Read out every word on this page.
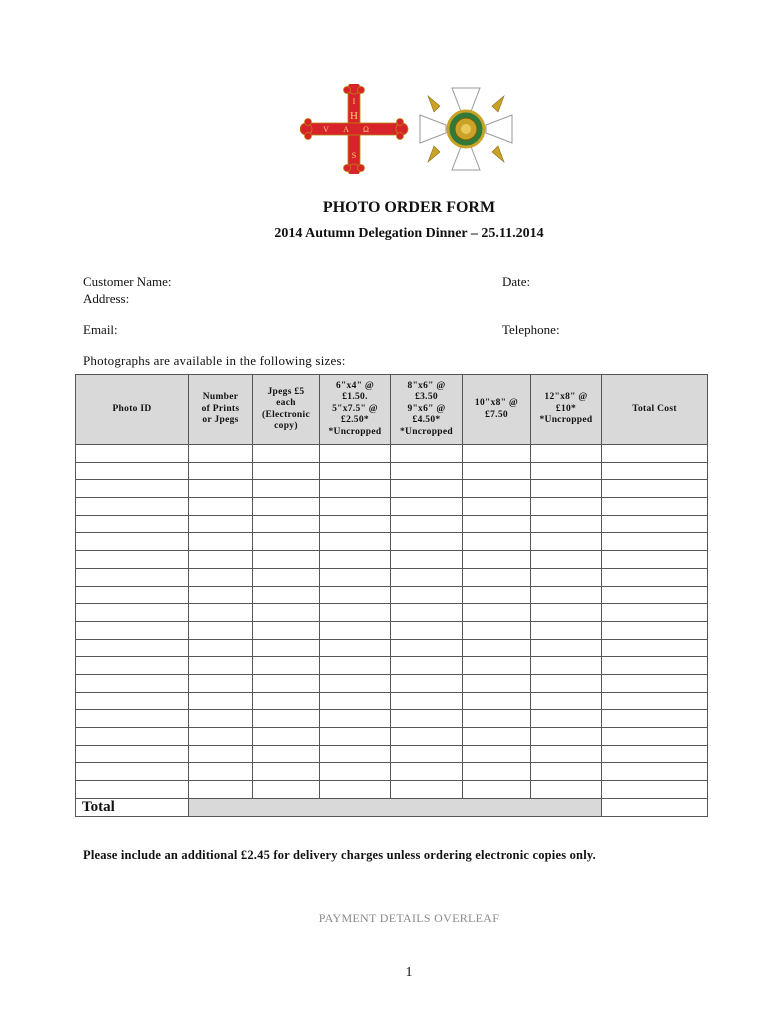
I
H
V A Ω
S
PHOTO ORDER FORM
2014 Autumn Delegation Dinner – 25.11.2014
Customer Name:
Address:
Date:
Email:	Telephone:
Photographs are available in the following sizes:
Photo ID	Number
of Prints
or Jpegs	Jpegs £5
each
(Electronic
copy)	6"x4" @
£1.50.
5"x7.5" @
£2.50*
*Uncropped	8"x6" @
£3.50
9"x6" @
£4.50*
*Uncropped	10"x8" @
£7.50	12"x8" @
£10*
*Uncropped	Total Cost

Total							
Please include an additional £2.45 for delivery charges unless ordering electronic copies only.
PAYMENT DETAILS OVERLEAF
1
